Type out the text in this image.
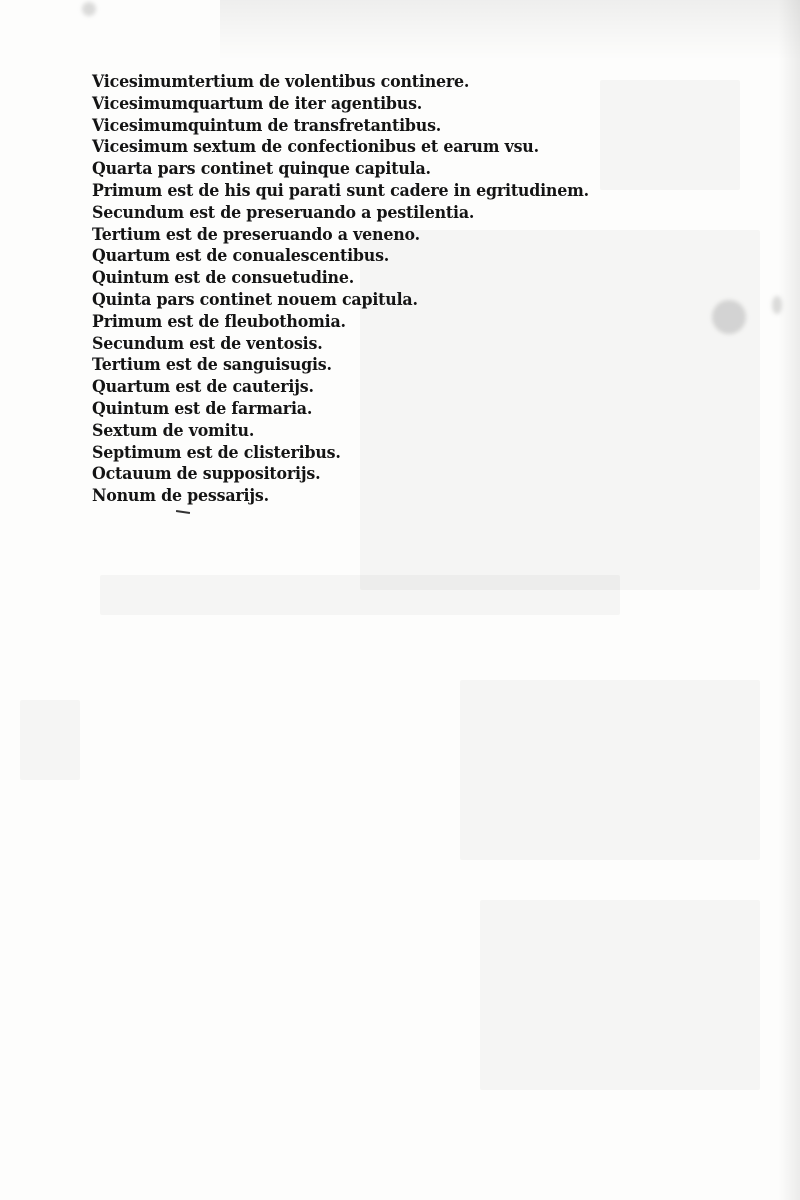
Vicesimumtertium de volentibus continere.
Vicesimumquartum de iter agentibus.
Vicesimumquintum de transfretantibus.
Vicesimum sextum de confectionibus et earum vsu.
Quarta pars continet quinque capitula.
Primum est de his qui parati sunt cadere in egritudinem.
Secundum est de preseruando a pestilentia.
Tertium est de preseruando a veneno.
Quartum est de conualescentibus.
Quintum est de consuetudine.
Quinta pars continet nouem capitula.
Primum est de fleubothomia.
Secundum est de ventosis.
Tertium est de sanguisugis.
Quartum est de cauterijs.
Quintum est de farmaria.
Sextum de vomitu.
Septimum est de clisteribus.
Octauum de suppositorijs.
Nonum de pessarijs.
